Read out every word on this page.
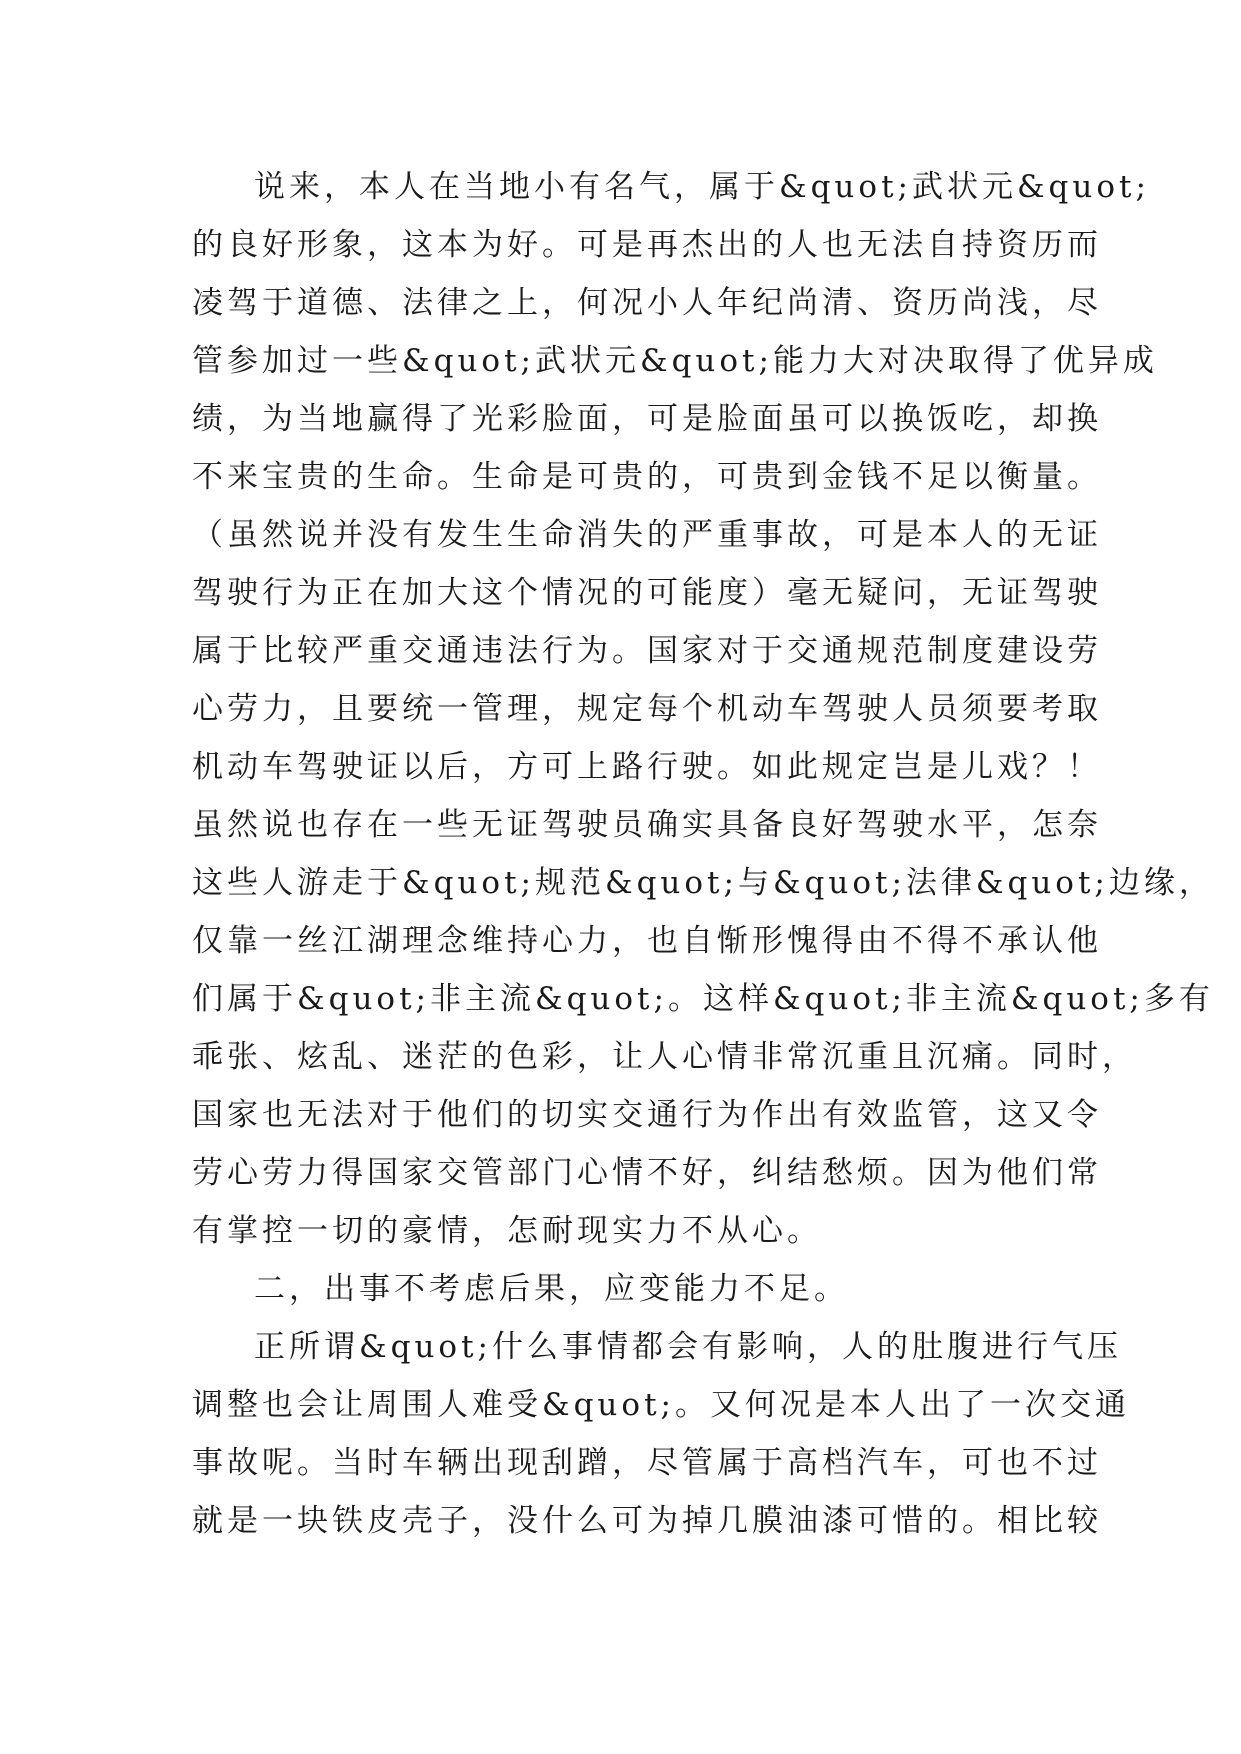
说来，本人在当地小有名气，属于&quot;武状元&quot;
的良好形象，这本为好。可是再杰出的人也无法自持资历而
凌驾于道德、法律之上，何况小人年纪尚清、资历尚浅，尽
管参加过一些&quot;武状元&quot;能力大对决取得了优异成
绩，为当地赢得了光彩脸面，可是脸面虽可以换饭吃，却换
不来宝贵的生命。生命是可贵的，可贵到金钱不足以衡量。
（虽然说并没有发生生命消失的严重事故，可是本人的无证
驾驶行为正在加大这个情况的可能度）毫无疑问，无证驾驶
属于比较严重交通违法行为。国家对于交通规范制度建设劳
心劳力，且要统一管理，规定每个机动车驾驶人员须要考取
机动车驾驶证以后，方可上路行驶。如此规定岂是儿戏？！
虽然说也存在一些无证驾驶员确实具备良好驾驶水平，怎奈
这些人游走于&quot;规范&quot;与&quot;法律&quot;边缘，
仅靠一丝江湖理念维持心力，也自惭形愧得由不得不承认他
们属于&quot;非主流&quot;。这样&quot;非主流&quot;多有
乖张、炫乱、迷茫的色彩，让人心情非常沉重且沉痛。同时，
国家也无法对于他们的切实交通行为作出有效监管，这又令
劳心劳力得国家交管部门心情不好，纠结愁烦。因为他们常
有掌控一切的豪情，怎耐现实力不从心。
二，出事不考虑后果，应变能力不足。
正所谓&quot;什么事情都会有影响，人的肚腹进行气压
调整也会让周围人难受&quot;。又何况是本人出了一次交通
事故呢。当时车辆出现刮蹭，尽管属于高档汽车，可也不过
就是一块铁皮壳子，没什么可为掉几膜油漆可惜的。相比较
